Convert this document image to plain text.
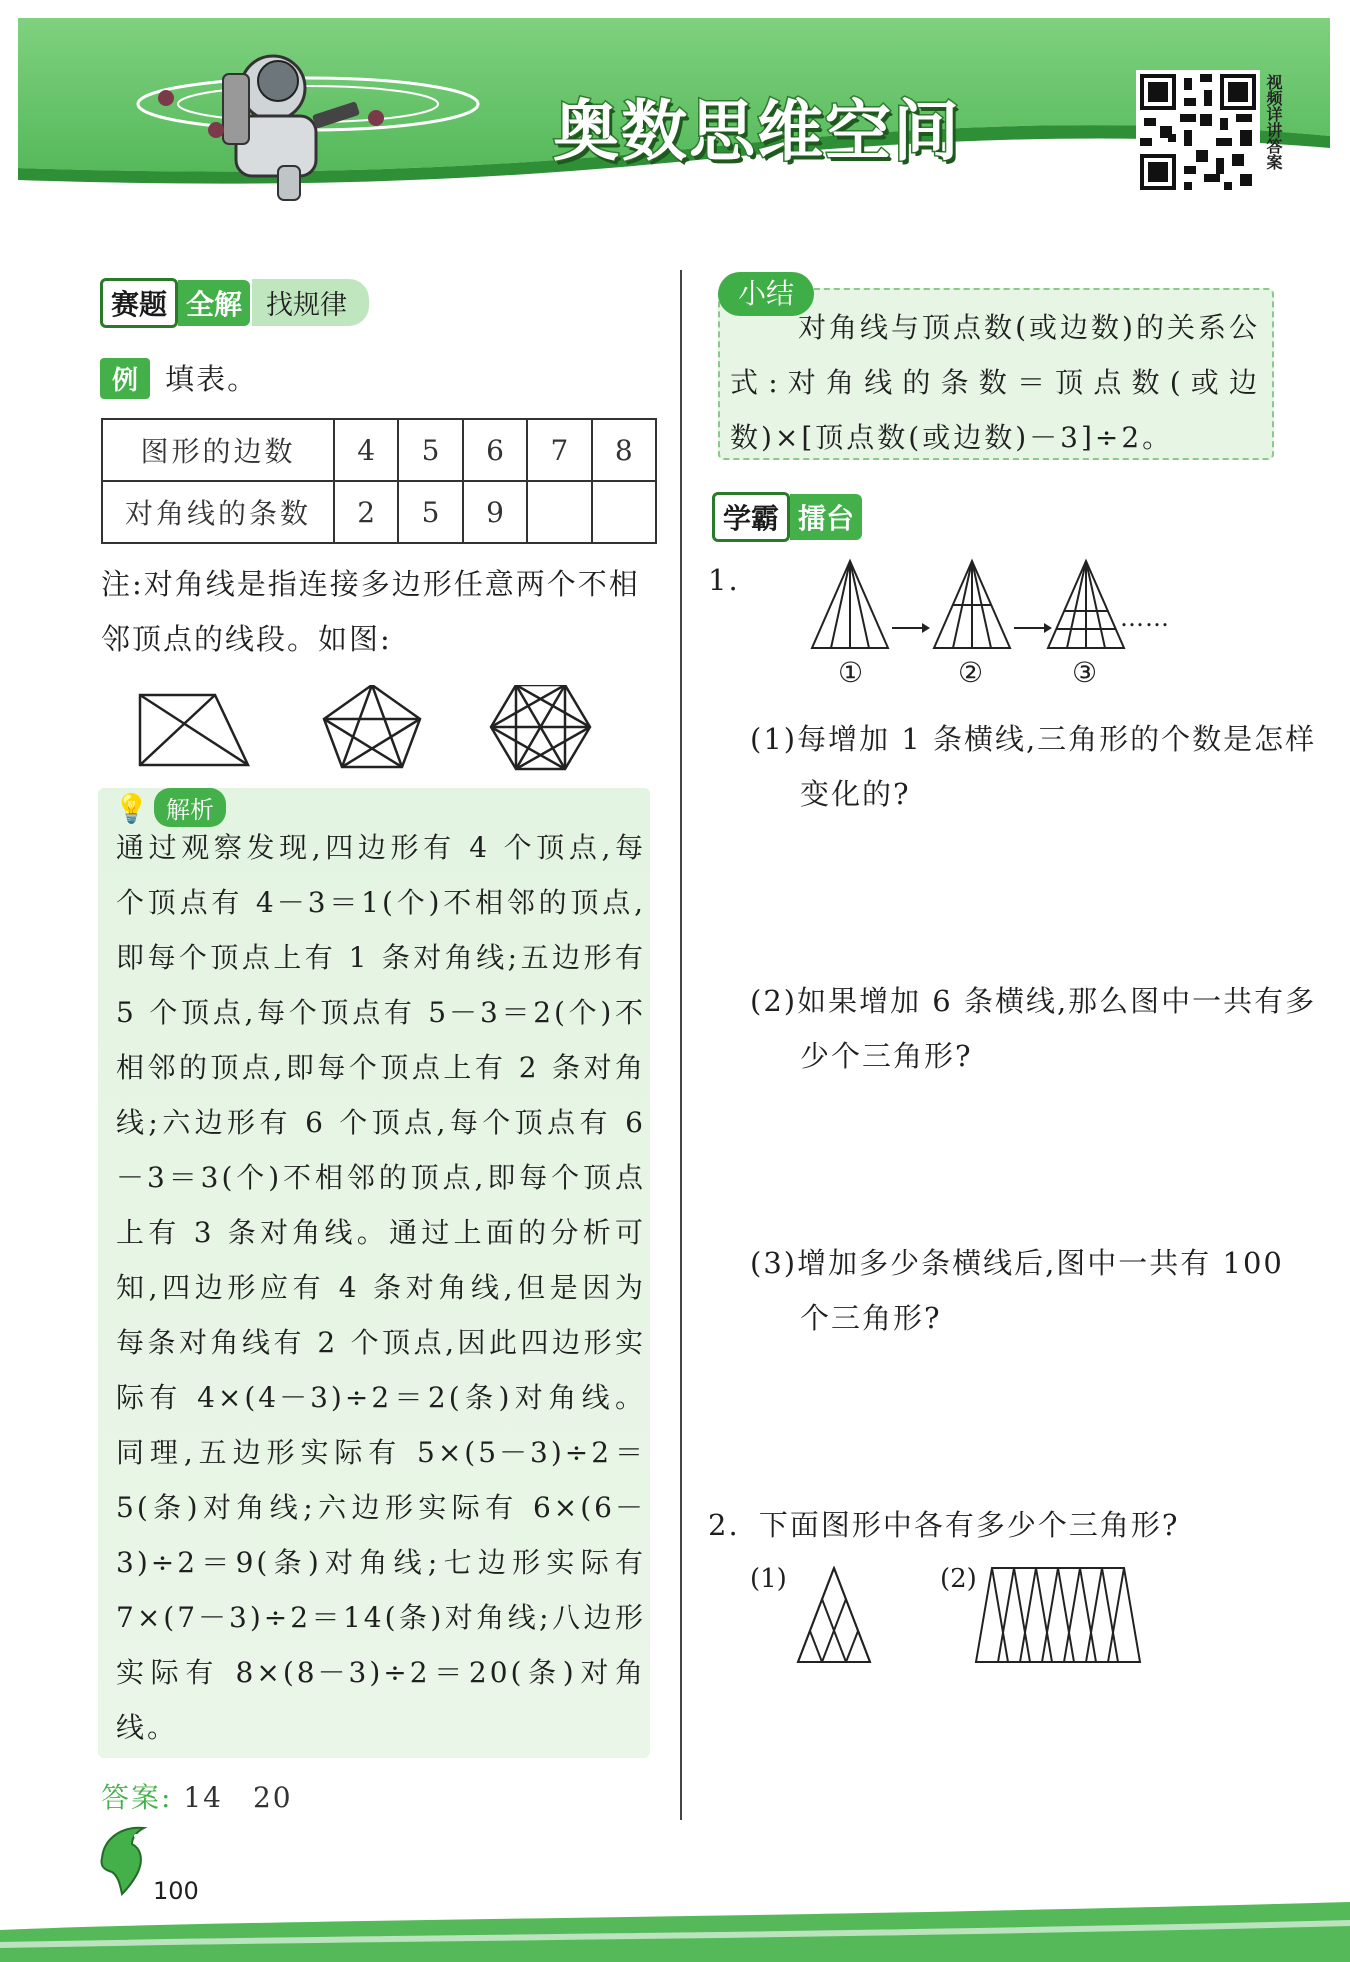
奥数思维空间	视频详讲答案
赛题 全解 找规律
例 填表。
图形的边数	4	5	6	7	8
对角线的条数	2	5	9		
注:对角线是指连接多边形任意两个不相邻顶点的线段。如图:
💡 解析
通过观察发现,四边形有 4 个顶点,每个顶点有 4－3＝1(个)不相邻的顶点,即每个顶点上有 1 条对角线;五边形有 5 个顶点,每个顶点有 5－3＝2(个)不相邻的顶点,即每个顶点上有 2 条对角线;六边形有 6 个顶点,每个顶点有 6－3＝3(个)不相邻的顶点,即每个顶点上有 3 条对角线。通过上面的分析可知,四边形应有 4 条对角线,但是因为每条对角线有 2 个顶点,因此四边形实际有 4×(4－3)÷2＝2(条)对角线。同理,五边形实际有 5×(5－3)÷2＝5(条)对角线;六边形实际有 6×(6－3)÷2＝9(条)对角线;七边形实际有 7×(7－3)÷2＝14(条)对角线;八边形实际有 8×(8－3)÷2＝20(条)对角线。
答案: 14　20
小结
对角线与顶点数(或边数)的关系公式:对角线的条数＝顶点数(或边数)×[顶点数(或边数)－3]÷2。
学霸 擂台
1.
……
①	②	③
(1)每增加 1 条横线,三角形的个数是怎样变化的?
(2)如果增加 6 条横线,那么图中一共有多少个三角形?
(3)增加多少条横线后,图中一共有 100 个三角形?
2. 下面图形中各有多少个三角形?
(1)	(2)
100
